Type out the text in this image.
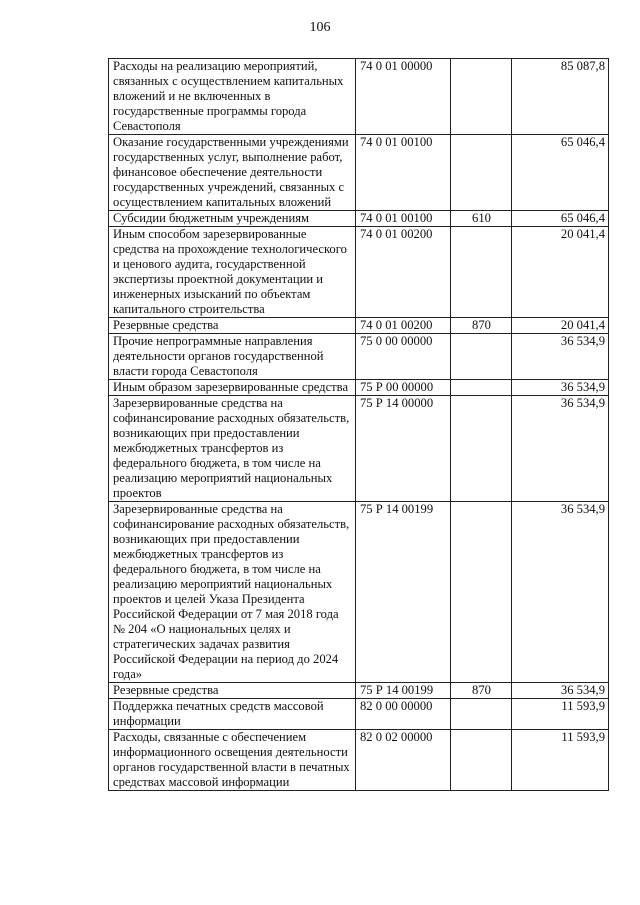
106
Расходы на реализацию мероприятий, связанных с осуществлением капитальных вложений и не включенных в государственные программы города Севастополя	74 0 01 00000		85 087,8
Оказание государственными учреждениями государственных услуг, выполнение работ, финансовое обеспечение деятельности государственных учреждений, связанных с осуществлением капитальных вложений	74 0 01 00100		65 046,4
Субсидии бюджетным учреждениям	74 0 01 00100	610	65 046,4
Иным способом зарезервированные средства на прохождение технологического и ценового аудита, государственной экспертизы проектной документации и инженерных изысканий по объектам капитального строительства	74 0 01 00200		20 041,4
Резервные средства	74 0 01 00200	870	20 041,4
Прочие непрограммные направления деятельности органов государственной власти города Севастополя	75 0 00 00000		36 534,9
Иным образом зарезервированные средства	75 Р 00 00000		36 534,9
Зарезервированные средства на софинансирование расходных обязательств, возникающих при предоставлении межбюджетных трансфертов из федерального бюджета, в том числе на реализацию мероприятий национальных проектов	75 Р 14 00000		36 534,9
Зарезервированные средства на софинансирование расходных обязательств, возникающих при предоставлении межбюджетных трансфертов из федерального бюджета, в том числе на реализацию мероприятий национальных проектов и целей Указа Президента Российской Федерации от 7 мая 2018 года № 204 «О национальных целях и стратегических задачах развития Российской Федерации на период до 2024 года»	75 Р 14 00199		36 534,9
Резервные средства	75 Р 14 00199	870	36 534,9
Поддержка печатных средств массовой информации	82 0 00 00000		11 593,9
Расходы, связанные с обеспечением информационного освещения деятельности органов государственной власти в печатных средствах массовой информации	82 0 02 00000		11 593,9
